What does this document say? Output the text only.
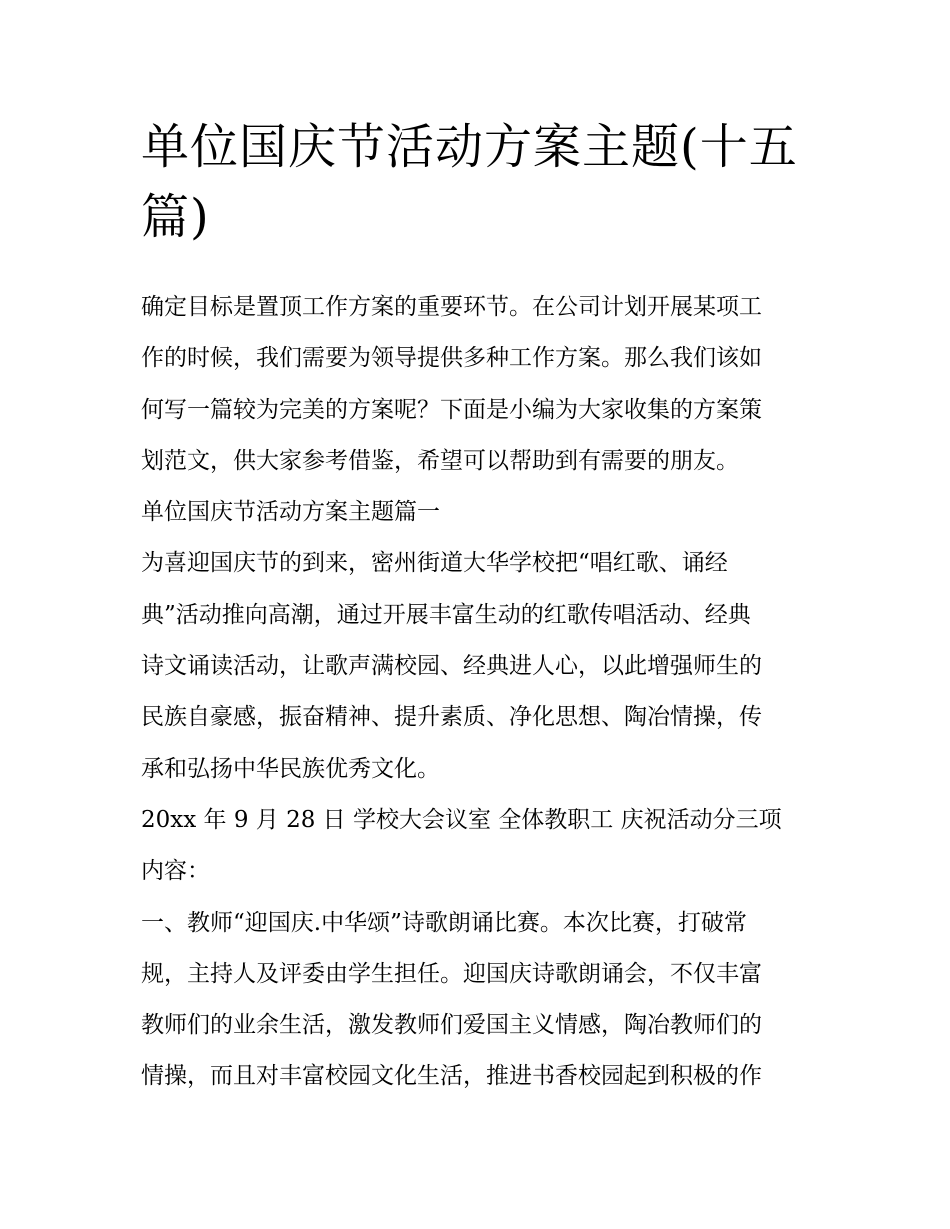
单位国庆节活动方案主题(十五
篇)

确定目标是置顶工作方案的重要环节。在公司计划开展某项工
作的时候，我们需要为领导提供多种工作方案。那么我们该如
何写一篇较为完美的方案呢？下面是小编为大家收集的方案策
划范文，供大家参考借鉴，希望可以帮助到有需要的朋友。

单位国庆节活动方案主题篇一

为喜迎国庆节的到来，密州街道大华学校把“唱红歌、诵经
典”活动推向高潮，通过开展丰富生动的红歌传唱活动、经典
诗文诵读活动，让歌声满校园、经典进人心，以此增强师生的
民族自豪感，振奋精神、提升素质、净化思想、陶冶情操，传
承和弘扬中华民族优秀文化。

20xx 年 9 月 28 日 学校大会议室 全体教职工 庆祝活动分三项
内容：

一、教师“迎国庆.中华颂”诗歌朗诵比赛。本次比赛，打破常
规，主持人及评委由学生担任。迎国庆诗歌朗诵会，不仅丰富
教师们的业余生活，激发教师们爱国主义情感，陶冶教师们的
情操，而且对丰富校园文化生活，推进书香校园起到积极的作
